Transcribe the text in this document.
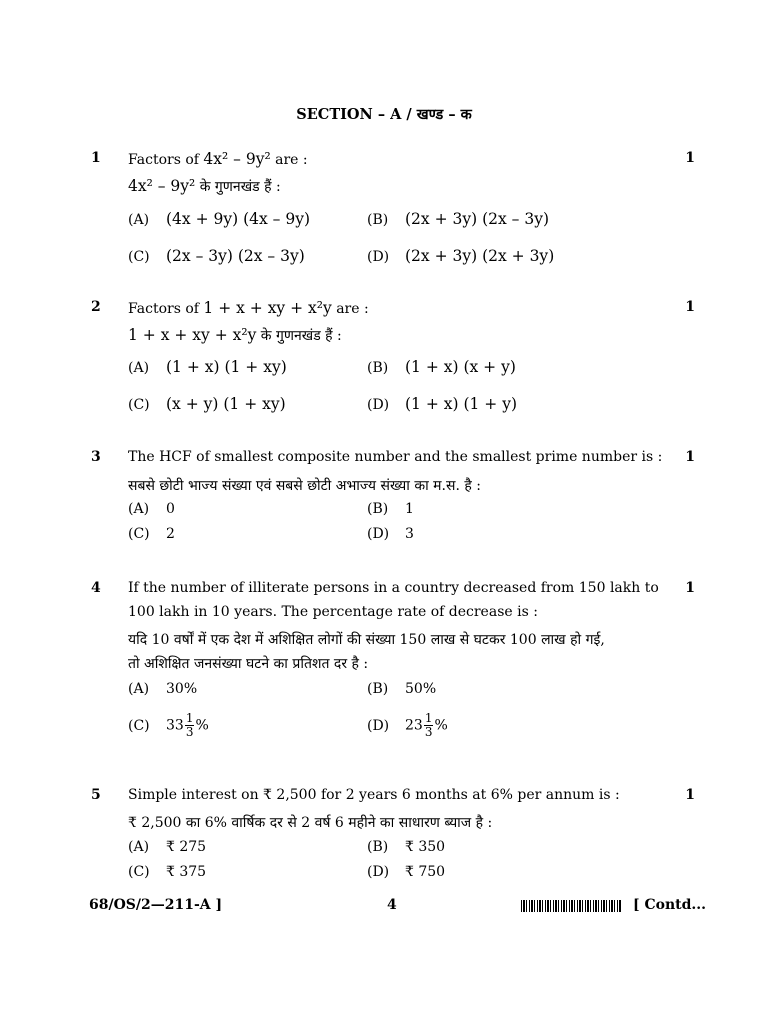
SECTION – A / खण्ड – क
1	1
Factors of 4x² – 9y² are :
4x² – 9y² के गुणनखंड हैं :
(A) (4x + 9y) (4x – 9y)	(B) (2x + 3y) (2x – 3y)
(C) (2x – 3y) (2x – 3y)	(D) (2x + 3y) (2x + 3y)
2	1
Factors of 1 + x + xy + x²y are :
1 + x + xy + x²y के गुणनखंड हैं :
(A) (1 + x) (1 + xy)	(B) (1 + x) (x + y)
(C) (x + y) (1 + xy)	(D) (1 + x) (1 + y)
3	1
The HCF of smallest composite number and the smallest prime number is :
सबसे छोटी भाज्य संख्या एवं सबसे छोटी अभाज्य संख्या का म.स. है :
(A) 0	(B) 1
(C) 2	(D) 3
4	1
If the number of illiterate persons in a country decreased from 150 lakh to
100 lakh in 10 years. The percentage rate of decrease is :
यदि 10 वर्षों में एक देश में अशिक्षित लोगों की संख्या 150 लाख से घटकर 100 लाख हो गई,
तो अशिक्षित जनसंख्या घटने का प्रतिशत दर है :
(A) 30%	(B) 50%
(C) $33 \frac{1}{3}$ %	(D) $23 \frac{1}{3}$ %
5	1
Simple interest on ₹ 2,500 for 2 years 6 months at 6% per annum is :
₹ 2,500 का 6% वार्षिक दर से 2 वर्ष 6 महीने का साधारण ब्याज है :
(A) ₹ 275	(B) ₹ 350
(C) ₹ 375	(D) ₹ 750
68/OS/2—211-A ]	4	[ Contd...
